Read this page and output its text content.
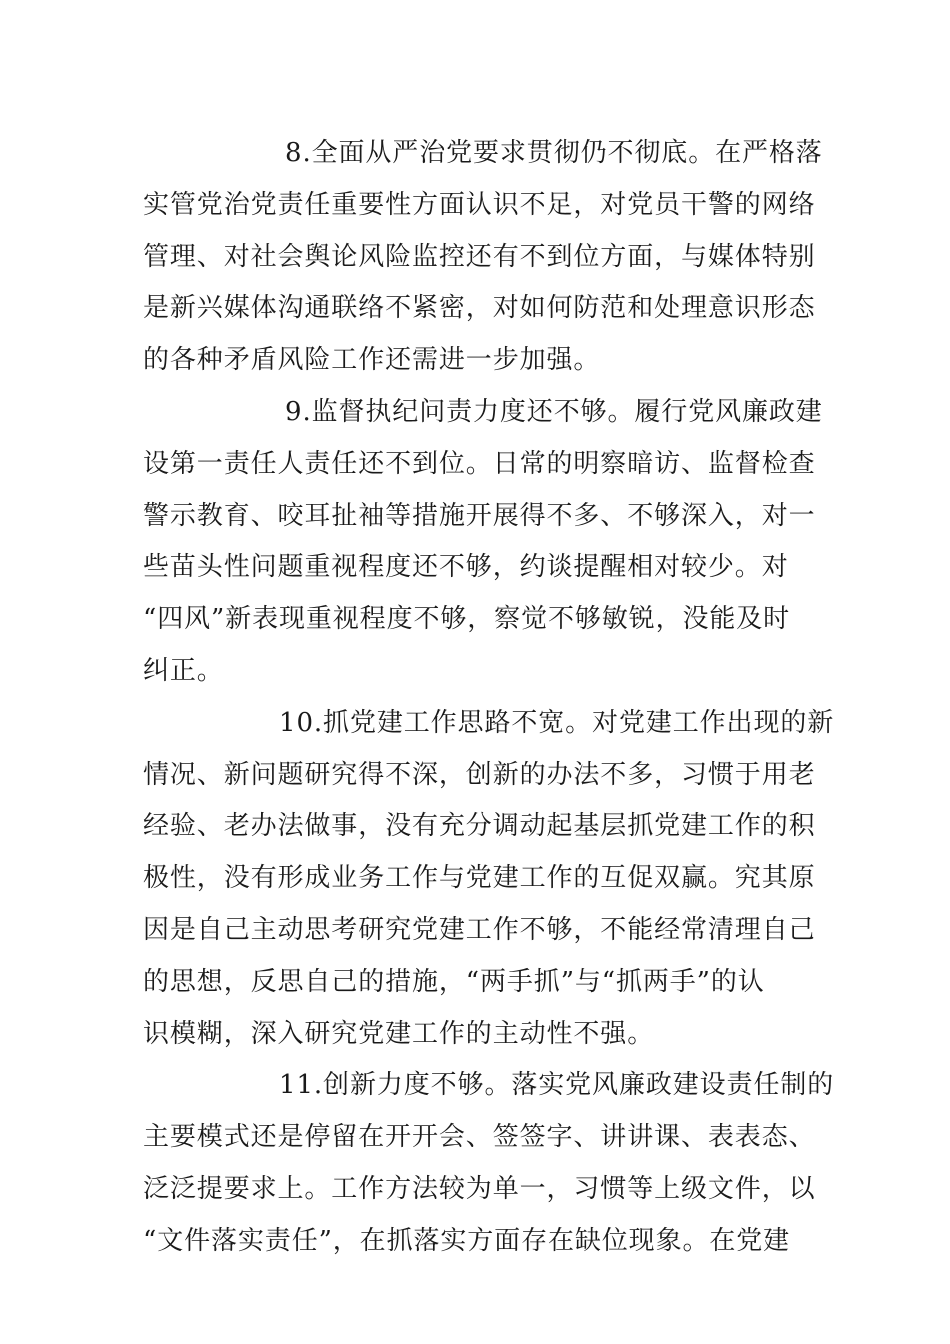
8.全面从严治党要求贯彻仍不彻底。在严格落
实管党治党责任重要性方面认识不足，对党员干警的网络
管理、对社会舆论风险监控还有不到位方面，与媒体特别
是新兴媒体沟通联络不紧密，对如何防范和处理意识形态
的各种矛盾风险工作还需进一步加强。
9.监督执纪问责力度还不够。履行党风廉政建
设第一责任人责任还不到位。日常的明察暗访、监督检查
警示教育、咬耳扯袖等措施开展得不多、不够深入，对一
些苗头性问题重视程度还不够，约谈提醒相对较少。对
“四风”新表现重视程度不够，察觉不够敏锐，没能及时
纠正。
10.抓党建工作思路不宽。对党建工作出现的新
情况、新问题研究得不深，创新的办法不多，习惯于用老
经验、老办法做事，没有充分调动起基层抓党建工作的积
极性，没有形成业务工作与党建工作的互促双赢。究其原
因是自己主动思考研究党建工作不够，不能经常清理自己
的思想，反思自己的措施，“两手抓”与“抓两手”的认
识模糊，深入研究党建工作的主动性不强。
11.创新力度不够。落实党风廉政建设责任制的
主要模式还是停留在开开会、签签字、讲讲课、表表态、
泛泛提要求上。工作方法较为单一，习惯等上级文件，以
“文件落实责任”，在抓落实方面存在缺位现象。在党建
